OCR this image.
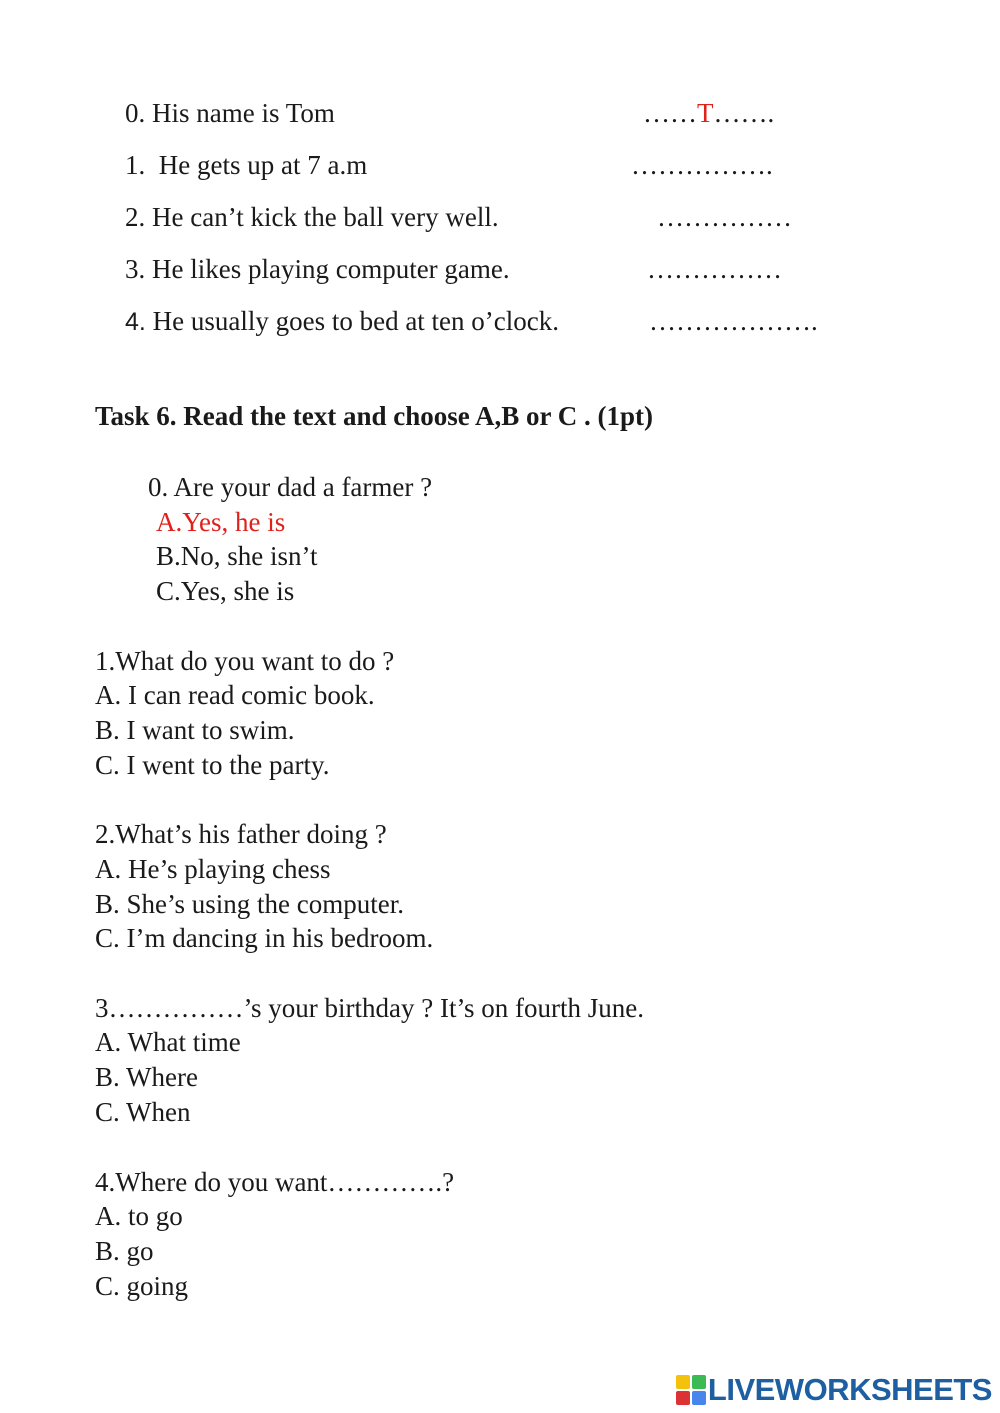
0. His name is Tom	……T…….
1.  He gets up at 7 a.m	…………….
2. He can’t kick the ball very well.	……………
3. He likes playing computer game.	……………
4. He usually goes to bed at ten o’clock.	……………….
Task 6. Read the text and choose A,B or C . (1pt)
0. Are your dad a farmer ?
A.Yes, he is
B.No, she isn’t
C.Yes, she is
1.What do you want to do ?
A. I can read comic book.
B. I want to swim.
C. I went to the party.
2.What’s his father doing ?
A. He’s playing chess
B. She’s using the computer.
C. I’m dancing in his bedroom.
3……………’s your birthday ? It’s on fourth June.
A. What time
B. Where
C. When
4.Where do you want………….?
A. to go
B. go
C. going
LIVEWORKSHEETS
